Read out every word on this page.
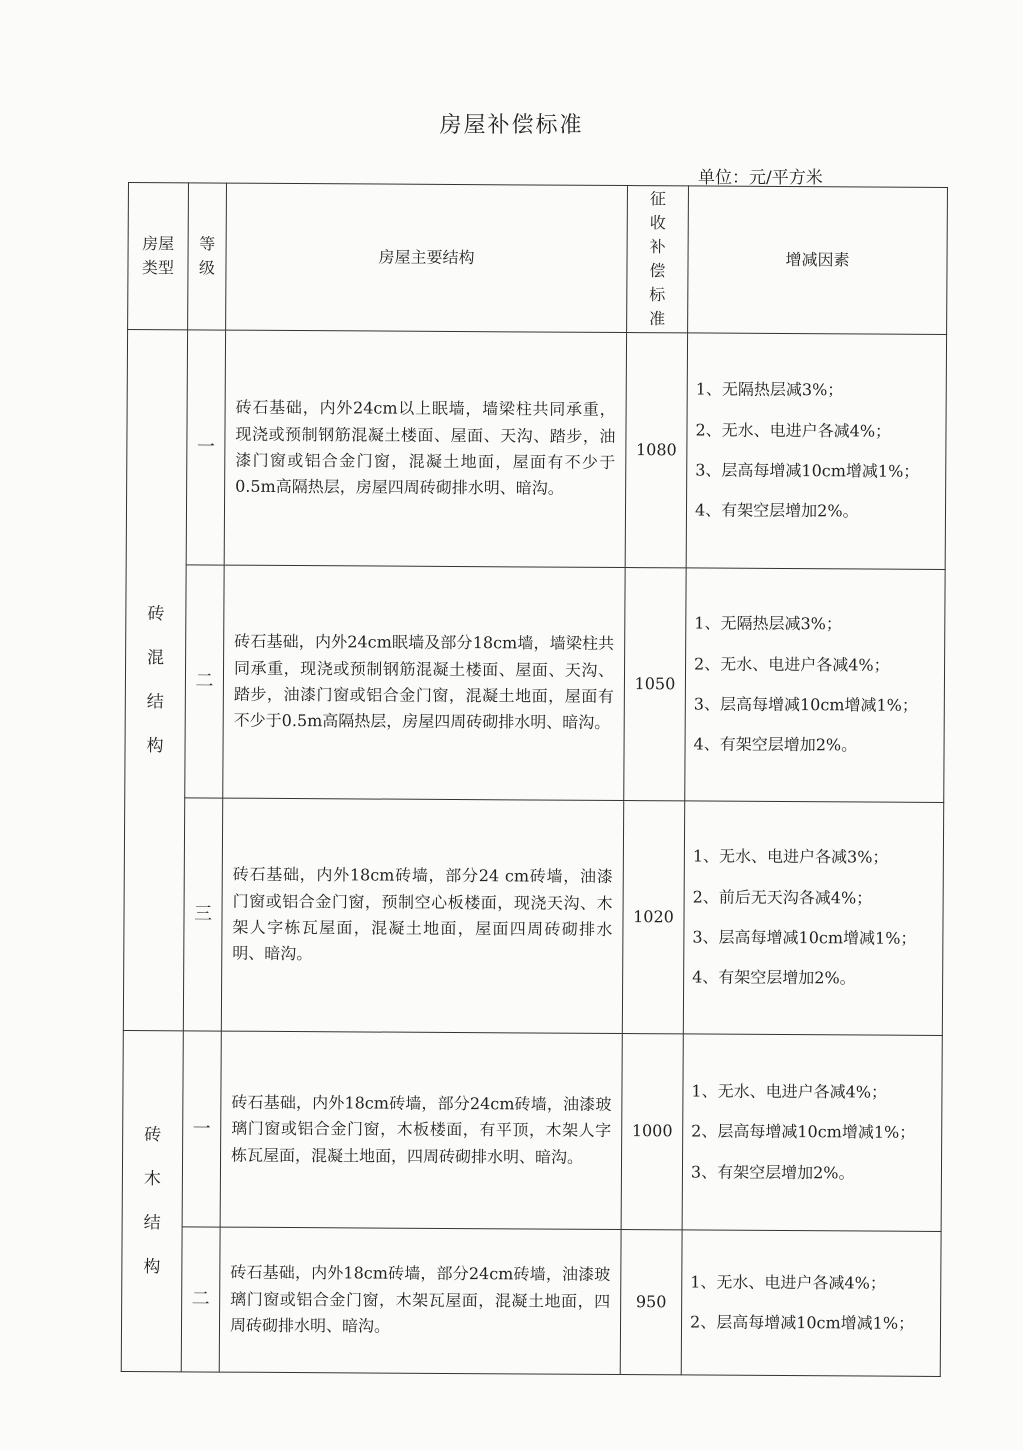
房屋补偿标准
单位：元/平方米
房屋类型	等级	房屋主要结构	征收补偿标准	增减因素

砖混结构	一	砖石基础，内外24cm以上眠墙，墙梁柱共同承重，现浇或预制钢筋混凝土楼面、屋面、天沟、踏步，油漆门窗或铝合金门窗，混凝土地面，屋面有不少于0.5m高隔热层，房屋四周砖砌排水明、暗沟。	1080	1、无隔热层减3%；
2、无水、电进户各减4%；
3、层高每增减10cm增减1%；
4、有架空层增加2%。

	二	砖石基础，内外24cm眠墙及部分18cm墙，墙梁柱共同承重，现浇或预制钢筋混凝土楼面、屋面、天沟、踏步，油漆门窗或铝合金门窗，混凝土地面，屋面有不少于0.5m高隔热层，房屋四周砖砌排水明、暗沟。	1050	1、无隔热层减3%；
2、无水、电进户各减4%；
3、层高每增减10cm增减1%；
4、有架空层增加2%。

	三	砖石基础，内外18cm砖墙，部分24 cm砖墙，油漆门窗或铝合金门窗，预制空心板楼面，现浇天沟、木架人字栋瓦屋面，混凝土地面，屋面四周砖砌排水明、暗沟。	1020	1、无水、电进户各减3%；
2、前后无天沟各减4%；
3、层高每增减10cm增减1%；
4、有架空层增加2%。

砖木结构	一	砖石基础，内外18cm砖墙，部分24cm砖墙，油漆玻璃门窗或铝合金门窗，木板楼面，有平顶，木架人字栋瓦屋面，混凝土地面，四周砖砌排水明、暗沟。	1000	1、无水、电进户各减4%；
2、层高每增减10cm增减1%；
3、有架空层增加2%。

	二	砖石基础，内外18cm砖墙，部分24cm砖墙，油漆玻璃门窗或铝合金门窗，木架瓦屋面，混凝土地面，四周砖砌排水明、暗沟。	950	1、无水、电进户各减4%；
2、层高每增减10cm增减1%；
